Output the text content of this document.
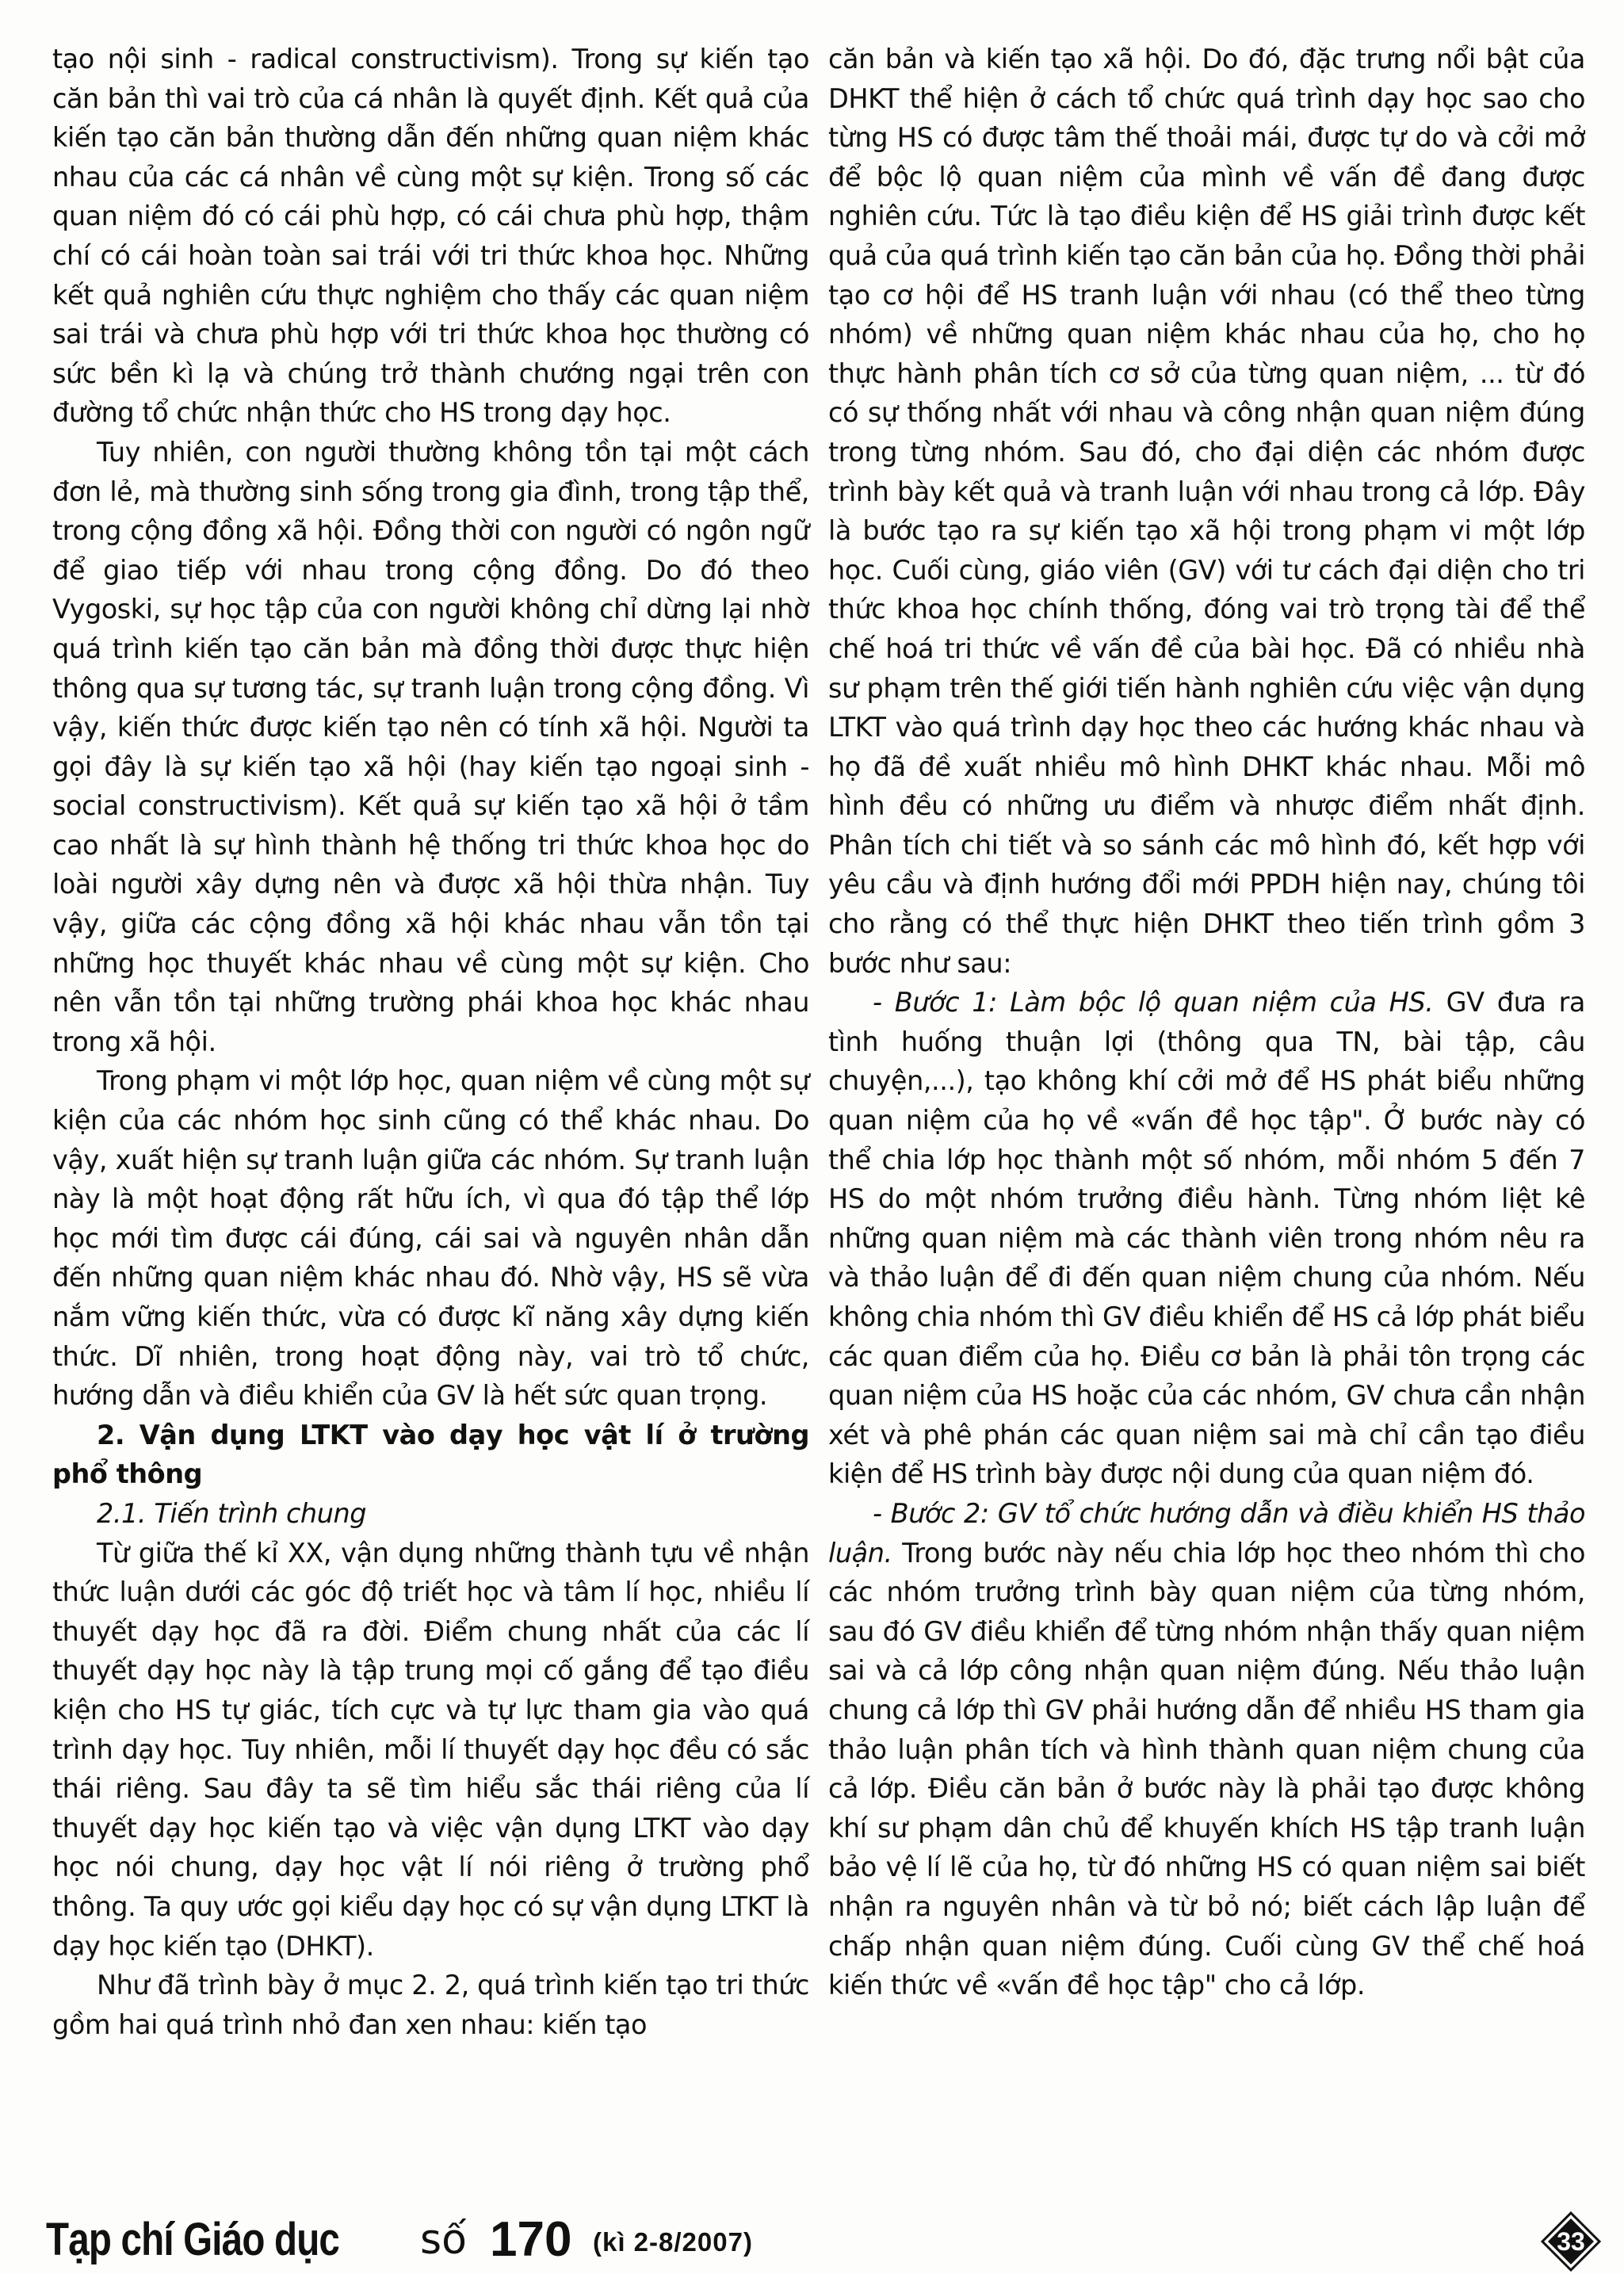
tạo nội sinh - radical constructivism). Trong sự kiến tạo căn bản thì vai trò của cá nhân là quyết định. Kết quả của kiến tạo căn bản thường dẫn đến những quan niệm khác nhau của các cá nhân về cùng một sự kiện. Trong số các quan niệm đó có cái phù hợp, có cái chưa phù hợp, thậm chí có cái hoàn toàn sai trái với tri thức khoa học. Những kết quả nghiên cứu thực nghiệm cho thấy các quan niệm sai trái và chưa phù hợp với tri thức khoa học thường có sức bền kì lạ và chúng trở thành chướng ngại trên con đường tổ chức nhận thức cho HS trong dạy học.

Tuy nhiên, con người thường không tồn tại một cách đơn lẻ, mà thường sinh sống trong gia đình, trong tập thể, trong cộng đồng xã hội. Đồng thời con người có ngôn ngữ để giao tiếp với nhau trong cộng đồng. Do đó theo Vygoski, sự học tập của con người không chỉ dừng lại nhờ quá trình kiến tạo căn bản mà đồng thời được thực hiện thông qua sự tương tác, sự tranh luận trong cộng đồng. Vì vậy, kiến thức được kiến tạo nên có tính xã hội. Người ta gọi đây là sự kiến tạo xã hội (hay kiến tạo ngoại sinh - social constructivism). Kết quả sự kiến tạo xã hội ở tầm cao nhất là sự hình thành hệ thống tri thức khoa học do loài người xây dựng nên và được xã hội thừa nhận. Tuy vậy, giữa các cộng đồng xã hội khác nhau vẫn tồn tại những học thuyết khác nhau về cùng một sự kiện. Cho nên vẫn tồn tại những trường phái khoa học khác nhau trong xã hội.

Trong phạm vi một lớp học, quan niệm về cùng một sự kiện của các nhóm học sinh cũng có thể khác nhau. Do vậy, xuất hiện sự tranh luận giữa các nhóm. Sự tranh luận này là một hoạt động rất hữu ích, vì qua đó tập thể lớp học mới tìm được cái đúng, cái sai và nguyên nhân dẫn đến những quan niệm khác nhau đó. Nhờ vậy, HS sẽ vừa nắm vững kiến thức, vừa có được kĩ năng xây dựng kiến thức. Dĩ nhiên, trong hoạt động này, vai trò tổ chức, hướng dẫn và điều khiển của GV là hết sức quan trọng.

2. Vận dụng LTKT vào dạy học vật lí ở trường phổ thông

2.1. Tiến trình chung

Từ giữa thế kỉ XX, vận dụng những thành tựu về nhận thức luận dưới các góc độ triết học và tâm lí học, nhiều lí thuyết dạy học đã ra đời. Điểm chung nhất của các lí thuyết dạy học này là tập trung mọi cố gắng để tạo điều kiện cho HS tự giác, tích cực và tự lực tham gia vào quá trình dạy học. Tuy nhiên, mỗi lí thuyết dạy học đều có sắc thái riêng. Sau đây ta sẽ tìm hiểu sắc thái riêng của lí thuyết dạy học kiến tạo và việc vận dụng LTKT vào dạy học nói chung, dạy học vật lí nói riêng ở trường phổ thông. Ta quy ước gọi kiểu dạy học có sự vận dụng LTKT là dạy học kiến tạo (DHKT).

Như đã trình bày ở mục 2. 2, quá trình kiến tạo tri thức gồm hai quá trình nhỏ đan xen nhau: kiến tạo

căn bản và kiến tạo xã hội. Do đó, đặc trưng nổi bật của DHKT thể hiện ở cách tổ chức quá trình dạy học sao cho từng HS có được tâm thế thoải mái, được tự do và cởi mở để bộc lộ quan niệm của mình về vấn đề đang được nghiên cứu. Tức là tạo điều kiện để HS giải trình được kết quả của quá trình kiến tạo căn bản của họ. Đồng thời phải tạo cơ hội để HS tranh luận với nhau (có thể theo từng nhóm) về những quan niệm khác nhau của họ, cho họ thực hành phân tích cơ sở của từng quan niệm, ... từ đó có sự thống nhất với nhau và công nhận quan niệm đúng trong từng nhóm. Sau đó, cho đại diện các nhóm được trình bày kết quả và tranh luận với nhau trong cả lớp. Đây là bước tạo ra sự kiến tạo xã hội trong phạm vi một lớp học. Cuối cùng, giáo viên (GV) với tư cách đại diện cho tri thức khoa học chính thống, đóng vai trò trọng tài để thể chế hoá tri thức về vấn đề của bài học. Đã có nhiều nhà sư phạm trên thế giới tiến hành nghiên cứu việc vận dụng LTKT vào quá trình dạy học theo các hướng khác nhau và họ đã đề xuất nhiều mô hình DHKT khác nhau. Mỗi mô hình đều có những ưu điểm và nhược điểm nhất định. Phân tích chi tiết và so sánh các mô hình đó, kết hợp với yêu cầu và định hướng đổi mới PPDH hiện nay, chúng tôi cho rằng có thể thực hiện DHKT theo tiến trình gồm 3 bước như sau:

- Bước 1: Làm bộc lộ quan niệm của HS. GV đưa ra tình huống thuận lợi (thông qua TN, bài tập, câu chuyện,...), tạo không khí cởi mở để HS phát biểu những quan niệm của họ về «vấn đề học tập". Ở bước này có thể chia lớp học thành một số nhóm, mỗi nhóm 5 đến 7 HS do một nhóm trưởng điều hành. Từng nhóm liệt kê những quan niệm mà các thành viên trong nhóm nêu ra và thảo luận để đi đến quan niệm chung của nhóm. Nếu không chia nhóm thì GV điều khiển để HS cả lớp phát biểu các quan điểm của họ. Điều cơ bản là phải tôn trọng các quan niệm của HS hoặc của các nhóm, GV chưa cần nhận xét và phê phán các quan niệm sai mà chỉ cần tạo điều kiện để HS trình bày được nội dung của quan niệm đó.

- Bước 2: GV tổ chức hướng dẫn và điều khiển HS thảo luận. Trong bước này nếu chia lớp học theo nhóm thì cho các nhóm trưởng trình bày quan niệm của từng nhóm, sau đó GV điều khiển để từng nhóm nhận thấy quan niệm sai và cả lớp công nhận quan niệm đúng. Nếu thảo luận chung cả lớp thì GV phải hướng dẫn để nhiều HS tham gia thảo luận phân tích và hình thành quan niệm chung của cả lớp. Điều căn bản ở bước này là phải tạo được không khí sư phạm dân chủ để khuyến khích HS tập tranh luận bảo vệ lí lẽ của họ, từ đó những HS có quan niệm sai biết nhận ra nguyên nhân và từ bỏ nó; biết cách lập luận để chấp nhận quan niệm đúng. Cuối cùng GV thể chế hoá kiến thức về «vấn đề học tập" cho cả lớp.

Tạp chí Giáo dục số 170 (kì 2-8/2007)	33
